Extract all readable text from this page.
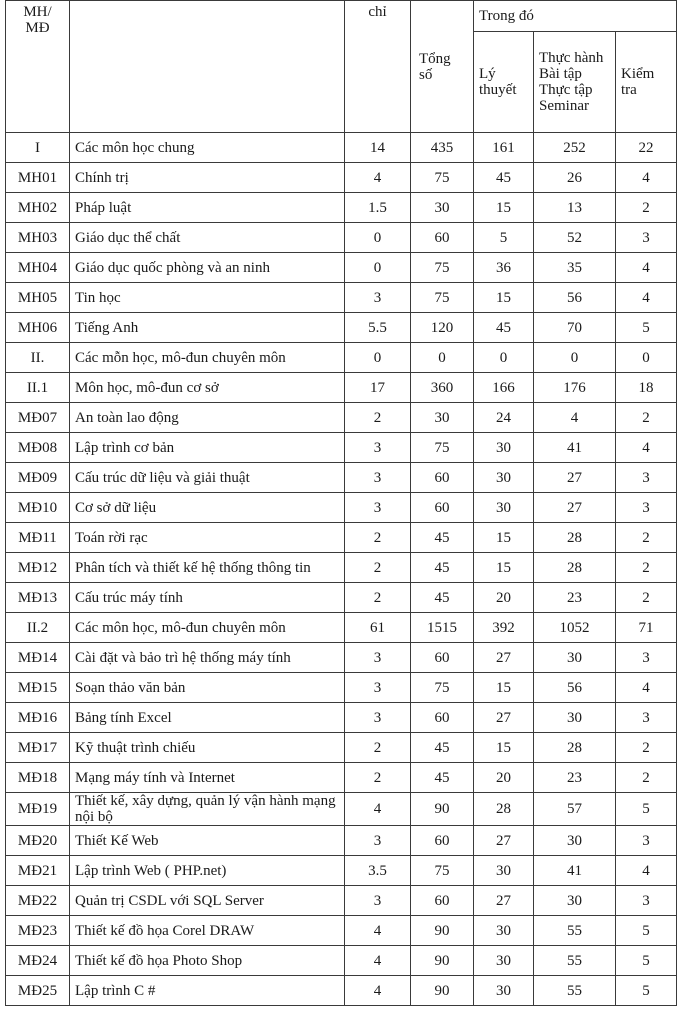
MH/ MĐ		chỉ	Tổng số	Trong đó		
				Lý thuyết	Thực hành Bài tập Thực tập Seminar	Kiểm tra
I	Các môn học chung	14	435	161	252	22
MH01	Chính trị	4	75	45	26	4
MH02	Pháp luật	1.5	30	15	13	2
MH03	Giáo dục thể chất	0	60	5	52	3
MH04	Giáo dục quốc phòng và an ninh	0	75	36	35	4
MH05	Tin học	3	75	15	56	4
MH06	Tiếng Anh	5.5	120	45	70	5
II.	Các mỗn học, mô-đun chuyên môn	0	0	0	0	0
II.1	Môn học, mô-đun cơ sở	17	360	166	176	18
MĐ07	An toàn lao động	2	30	24	4	2
MĐ08	Lập trình cơ bản	3	75	30	41	4
MĐ09	Cấu trúc dữ liệu và giải thuật	3	60	30	27	3
MĐ10	Cơ sở dữ liệu	3	60	30	27	3
MĐ11	Toán rời rạc	2	45	15	28	2
MĐ12	Phân tích và thiết kế hệ thống thông tin	2	45	15	28	2
MĐ13	Cấu trúc máy tính	2	45	20	23	2
II.2	Các môn học, mô-đun chuyên môn	61	1515	392	1052	71
MĐ14	Cài đặt và bảo trì hệ thống máy tính	3	60	27	30	3
MĐ15	Soạn thảo văn bản	3	75	15	56	4
MĐ16	Bảng tính Excel	3	60	27	30	3
MĐ17	Kỹ thuật trình chiếu	2	45	15	28	2
MĐ18	Mạng máy tính và Internet	2	45	20	23	2
MĐ19	Thiết kế, xây dựng, quản lý vận hành mạng nội bộ	4	90	28	57	5
MĐ20	Thiết Kế Web	3	60	27	30	3
MĐ21	Lập trình Web ( PHP.net)	3.5	75	30	41	4
MĐ22	Quản trị CSDL với SQL Server	3	60	27	30	3
MĐ23	Thiết kế đồ họa Corel DRAW	4	90	30	55	5
MĐ24	Thiết kế đồ họa Photo Shop	4	90	30	55	5
MĐ25	Lập trình C #	4	90	30	55	5
